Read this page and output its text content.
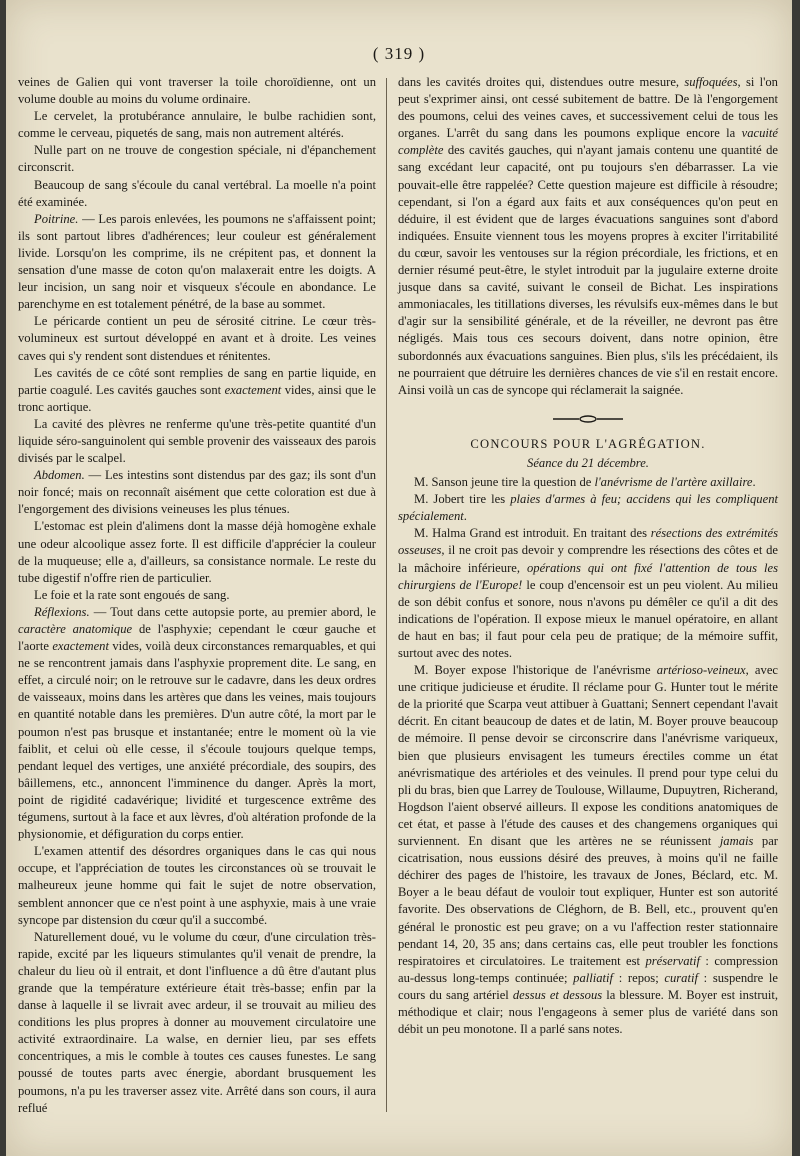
( 319 )

veines de Galien qui vont traverser la toile choroïdienne, ont un volume double au moins du volume ordinaire.

Le cervelet, la protubérance annulaire, le bulbe rachidien sont, comme le cerveau, piquetés de sang, mais non autrement altérés.

Nulle part on ne trouve de congestion spéciale, ni d'épanchement circonscrit.

Beaucoup de sang s'écoule du canal vertébral. La moelle n'a point été examinée.

Poitrine. — Les parois enlevées, les poumons ne s'affaissent point; ils sont partout libres d'adhérences; leur couleur est généralement livide. Lorsqu'on les comprime, ils ne crépitent pas, et donnent la sensation d'une masse de coton qu'on malaxerait entre les doigts. A leur incision, un sang noir et visqueux s'écoule en abondance. Le parenchyme en est totalement pénétré, de la base au sommet.

Le péricarde contient un peu de sérosité citrine. Le cœur très-volumineux est surtout développé en avant et à droite. Les veines caves qui s'y rendent sont distendues et rénitentes.

Les cavités de ce côté sont remplies de sang en partie liquide, en partie coagulé. Les cavités gauches sont exactement vides, ainsi que le tronc aortique.

La cavité des plèvres ne renferme qu'une très-petite quantité d'un liquide séro-sanguinolent qui semble provenir des vaisseaux des parois divisés par le scalpel.

Abdomen. — Les intestins sont distendus par des gaz; ils sont d'un noir foncé; mais on reconnaît aisément que cette coloration est due à l'engorgement des divisions veineuses les plus ténues.

L'estomac est plein d'alimens dont la masse déjà homogène exhale une odeur alcoolique assez forte. Il est difficile d'apprécier la couleur de la muqueuse; elle a, d'ailleurs, sa consistance normale. Le reste du tube digestif n'offre rien de particulier.

Le foie et la rate sont engoués de sang.

Réflexions. — Tout dans cette autopsie porte, au premier abord, le caractère anatomique de l'asphyxie; cependant le cœur gauche et l'aorte exactement vides, voilà deux circonstances remarquables, et qui ne se rencontrent jamais dans l'asphyxie proprement dite. Le sang, en effet, a circulé noir; on le retrouve sur le cadavre, dans les deux ordres de vaisseaux, moins dans les artères que dans les veines, mais toujours en quantité notable dans les premières. D'un autre côté, la mort par le poumon n'est pas brusque et instantanée; entre le moment où la vie faiblit, et celui où elle cesse, il s'écoule toujours quelque temps, pendant lequel des vertiges, une anxiété précordiale, des soupirs, des bâillemens, etc., annoncent l'imminence du danger. Après la mort, point de rigidité cadavérique; lividité et turgescence extrême des tégumens, surtout à la face et aux lèvres, d'où altération profonde de la physionomie, et défiguration du corps entier.

L'examen attentif des désordres organiques dans le cas qui nous occupe, et l'appréciation de toutes les circonstances où se trouvait le malheureux jeune homme qui fait le sujet de notre observation, semblent annoncer que ce n'est point à une asphyxie, mais à une vraie syncope par distension du cœur qu'il a succombé.

Naturellement doué, vu le volume du cœur, d'une circulation très-rapide, excité par les liqueurs stimulantes qu'il venait de prendre, la chaleur du lieu où il entrait, et dont l'influence a dû être d'autant plus grande que la température extérieure était très-basse; enfin par la danse à laquelle il se livrait avec ardeur, il se trouvait au milieu des conditions les plus propres à donner au mouvement circulatoire une activité extraordinaire. La walse, en dernier lieu, par ses effets concentriques, a mis le comble à toutes ces causes funestes. Le sang poussé de toutes parts avec énergie, abordant brusquement les poumons, n'a pu les traverser assez vite. Arrêté dans son cours, il aura reflué

dans les cavités droites qui, distendues outre mesure, suffoquées, si l'on peut s'exprimer ainsi, ont cessé subitement de battre. De là l'engorgement des poumons, celui des veines caves, et successivement celui de tous les organes. L'arrêt du sang dans les poumons explique encore la vacuité complète des cavités gauches, qui n'ayant jamais contenu une quantité de sang excédant leur capacité, ont pu toujours s'en débarrasser. La vie pouvait-elle être rappelée? Cette question majeure est difficile à résoudre; cependant, si l'on a égard aux faits et aux conséquences qu'on peut en déduire, il est évident que de larges évacuations sanguines sont d'abord indiquées. Ensuite viennent tous les moyens propres à exciter l'irritabilité du cœur, savoir les ventouses sur la région précordiale, les frictions, et en dernier résumé peut-être, le stylet introduit par la jugulaire externe droite jusque dans sa cavité, suivant le conseil de Bichat. Les inspirations ammoniacales, les titillations diverses, les révulsifs eux-mêmes dans le but d'agir sur la sensibilité générale, et de la réveiller, ne devront pas être négligés. Mais tous ces secours doivent, dans notre opinion, être subordonnés aux évacuations sanguines. Bien plus, s'ils les précédaient, ils ne pourraient que détruire les dernières chances de vie s'il en restait encore. Ainsi voilà un cas de syncope qui réclamerait la saignée.

CONCOURS POUR L'AGRÉGATION.
Séance du 21 décembre.

M. Sanson jeune tire la question de l'anévrisme de l'artère axillaire.

M. Jobert tire les plaies d'armes à feu; accidens qui les compliquent spécialement.

M. Halma Grand est introduit. En traitant des résections des extrémités osseuses, il ne croit pas devoir y comprendre les résections des côtes et de la mâchoire inférieure, opérations qui ont fixé l'attention de tous les chirurgiens de l'Europe! le coup d'encensoir est un peu violent. Au milieu de son débit confus et sonore, nous n'avons pu démêler ce qu'il a dit des indications de l'opération. Il expose mieux le manuel opératoire, en allant de haut en bas; il faut pour cela peu de pratique; de la mémoire suffit, surtout avec des notes.

M. Boyer expose l'historique de l'anévrisme artérioso-veineux, avec une critique judicieuse et érudite. Il réclame pour G. Hunter tout le mérite de la priorité que Scarpa veut attibuer à Guattani; Sennert cependant l'avait décrit. En citant beaucoup de dates et de latin, M. Boyer prouve beaucoup de mémoire. Il pense devoir se circonscrire dans l'anévrisme variqueux, bien que plusieurs envisagent les tumeurs érectiles comme un état anévrismatique des artérioles et des veinules. Il prend pour type celui du pli du bras, bien que Larrey de Toulouse, Willaume, Dupuytren, Richerand, Hogdson l'aient observé ailleurs. Il expose les conditions anatomiques de cet état, et passe à l'étude des causes et des changemens organiques qui surviennent. En disant que les artères ne se réunissent jamais par cicatrisation, nous eussions désiré des preuves, à moins qu'il ne faille déchirer des pages de l'histoire, les travaux de Jones, Béclard, etc. M. Boyer a le beau défaut de vouloir tout expliquer, Hunter est son autorité favorite. Des observations de Cléghorn, de B. Bell, etc., prouvent qu'en général le pronostic est peu grave; on a vu l'affection rester stationnaire pendant 14, 20, 35 ans; dans certains cas, elle peut troubler les fonctions respiratoires et circulatoires. Le traitement est préservatif : compression au-dessus long-temps continuée; palliatif : repos; curatif : suspendre le cours du sang artériel dessus et dessous la blessure. M. Boyer est instruit, méthodique et clair; nous l'engageons à semer plus de variété dans son débit un peu monotone. Il a parlé sans notes.
